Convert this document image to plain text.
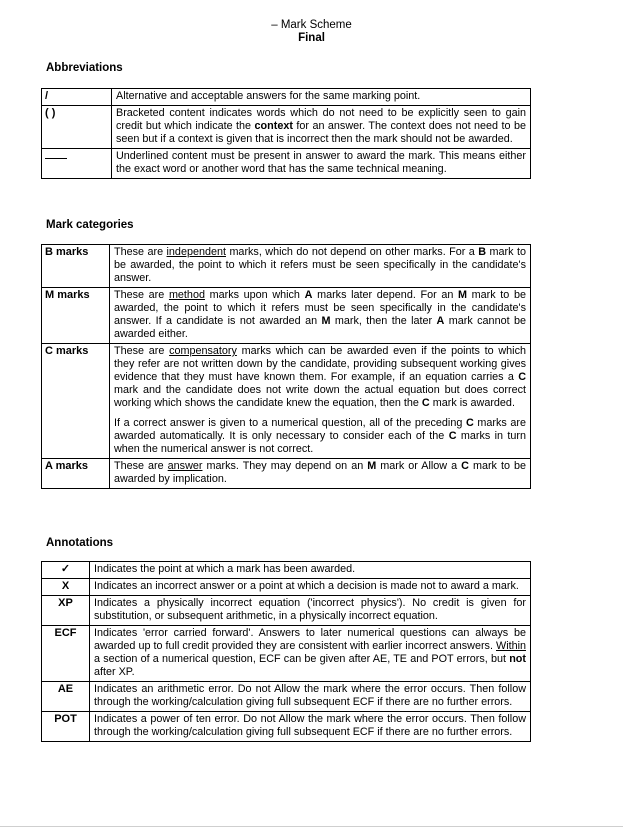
– Mark Scheme
Final
Abbreviations
/	Alternative and acceptable answers for the same marking point.
( )	Bracketed content indicates words which do not need to be explicitly seen to gain credit but which indicate the context for an answer. The context does not need to be seen but if a context is given that is incorrect then the mark should not be awarded.
	Underlined content must be present in answer to award the mark. This means either the exact word or another word that has the same technical meaning.
Mark categories
B marks	These are independent marks, which do not depend on other marks. For a B mark to be awarded, the point to which it refers must be seen specifically in the candidate's answer.
M marks	These are method marks upon which A marks later depend. For an M mark to be awarded, the point to which it refers must be seen specifically in the candidate's answer. If a candidate is not awarded an M mark, then the later A mark cannot be awarded either.
C marks	These are compensatory marks which can be awarded even if the points to which they refer are not written down by the candidate, providing subsequent working gives evidence that they must have known them. For example, if an equation carries a C mark and the candidate does not write down the actual equation but does correct working which shows the candidate knew the equation, then the C mark is awarded.
If a correct answer is given to a numerical question, all of the preceding C marks are awarded automatically. It is only necessary to consider each of the C marks in turn when the numerical answer is not correct.

A marks	These are answer marks. They may depend on an M mark or Allow a C mark to be awarded by implication.
Annotations
✓	Indicates the point at which a mark has been awarded.
X	Indicates an incorrect answer or a point at which a decision is made not to award a mark.
XP	Indicates a physically incorrect equation ('incorrect physics'). No credit is given for substitution, or subsequent arithmetic, in a physically incorrect equation.
ECF	Indicates 'error carried forward'. Answers to later numerical questions can always be awarded up to full credit provided they are consistent with earlier incorrect answers. Within a section of a numerical question, ECF can be given after AE, TE and POT errors, but not after XP.
AE	Indicates an arithmetic error. Do not Allow the mark where the error occurs. Then follow through the working/calculation giving full subsequent ECF if there are no further errors.
POT	Indicates a power of ten error. Do not Allow the mark where the error occurs. Then follow through the working/calculation giving full subsequent ECF if there are no further errors.
